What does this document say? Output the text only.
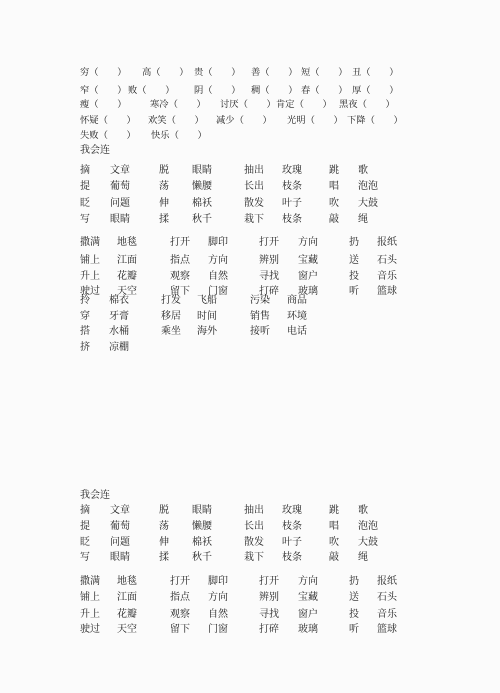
穷（　　） 高（　　） 贵（　　） 善（　　） 短（　　） 丑（　　）
窄（　　） 败（　　） 阴（　　） 稠（　　） 春（　　） 厚（　　）
瘦（　　）	寒冷（　　） 讨厌（　　） 肯定（　　） 黑夜（　　）
怀疑（　　） 欢笑（　　） 减少（　　） 光明（　　） 下降（　　）
失败（　　） 快乐（　　）
我会连
摘 文章	脱 眼睛	抽出 玫瑰	跳 歌
提 葡萄	荡 懒腰	长出 枝条	唱 泡泡
眨 问题	伸 棉袄	散发 叶子	吹 大鼓
写 眼睛	揉 秋千	栽下 枝条	敲 绳
撒满 地毯	打开 脚印	打开 方向	扔 报纸
铺上 江面	指点 方向	辨别 宝藏	送 石头
升上 花瓣	观察 自然	寻找 窗户	投 音乐
驶过 天空	留下 门窗	打碎 玻璃	听 篮球
拎 棉衣	打发 飞船	污染 商品
穿 牙膏	移居 时间	销售 环境
搭 水桶	乘坐 海外	接听 电话
挤 凉棚
我会连
摘 文章	脱 眼睛	抽出 玫瑰	跳 歌
提 葡萄	荡 懒腰	长出 枝条	唱 泡泡
眨 问题	伸 棉袄	散发 叶子	吹 大鼓
写 眼睛	揉 秋千	栽下 枝条	敲 绳
撒满 地毯	打开 脚印	打开 方向	扔 报纸
铺上 江面	指点 方向	辨别 宝藏	送 石头
升上 花瓣	观察 自然	寻找 窗户	投 音乐
驶过 天空	留下 门窗	打碎 玻璃	听 篮球
